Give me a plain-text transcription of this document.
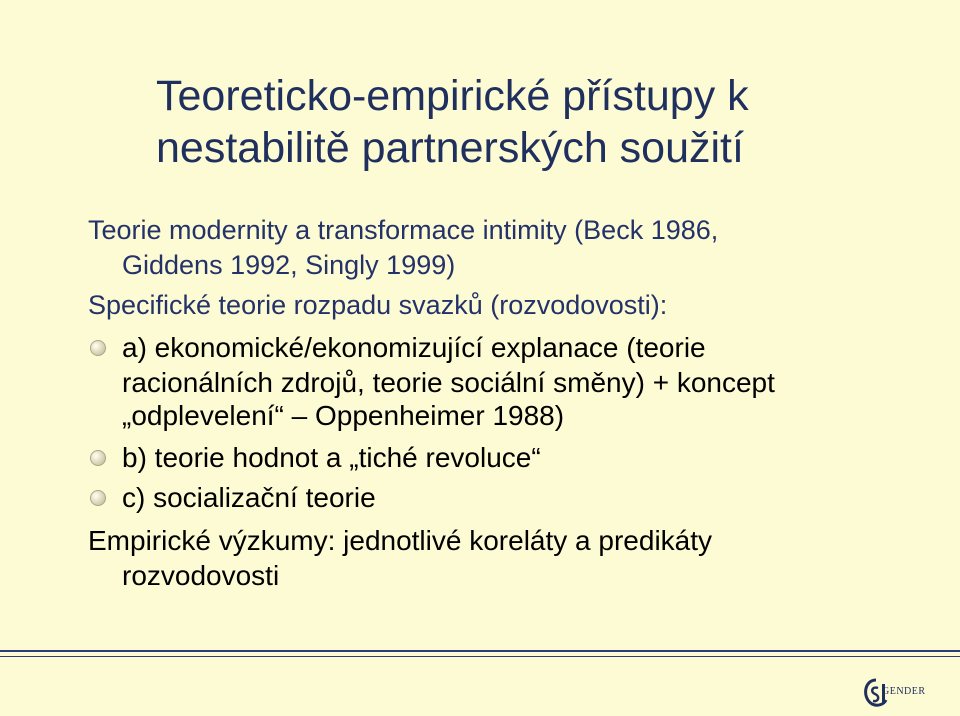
Teoreticko-empirické přístupy k
nestabilitě partnerských soužití
Teorie modernity a transformace intimity (Beck 1986,
Giddens 1992, Singly 1999)
Specifické teorie rozpadu svazků (rozvodovosti):
a) ekonomické/ekonomizující explanace (teorie
racionálních zdrojů, teorie sociální směny) + koncept
„odplevelení“ – Oppenheimer 1988)
b) teorie hodnot a „tiché revoluce“
c) socializační teorie
Empirické výzkumy: jednotlivé koreláty a predikáty
rozvodovosti
GENDER
